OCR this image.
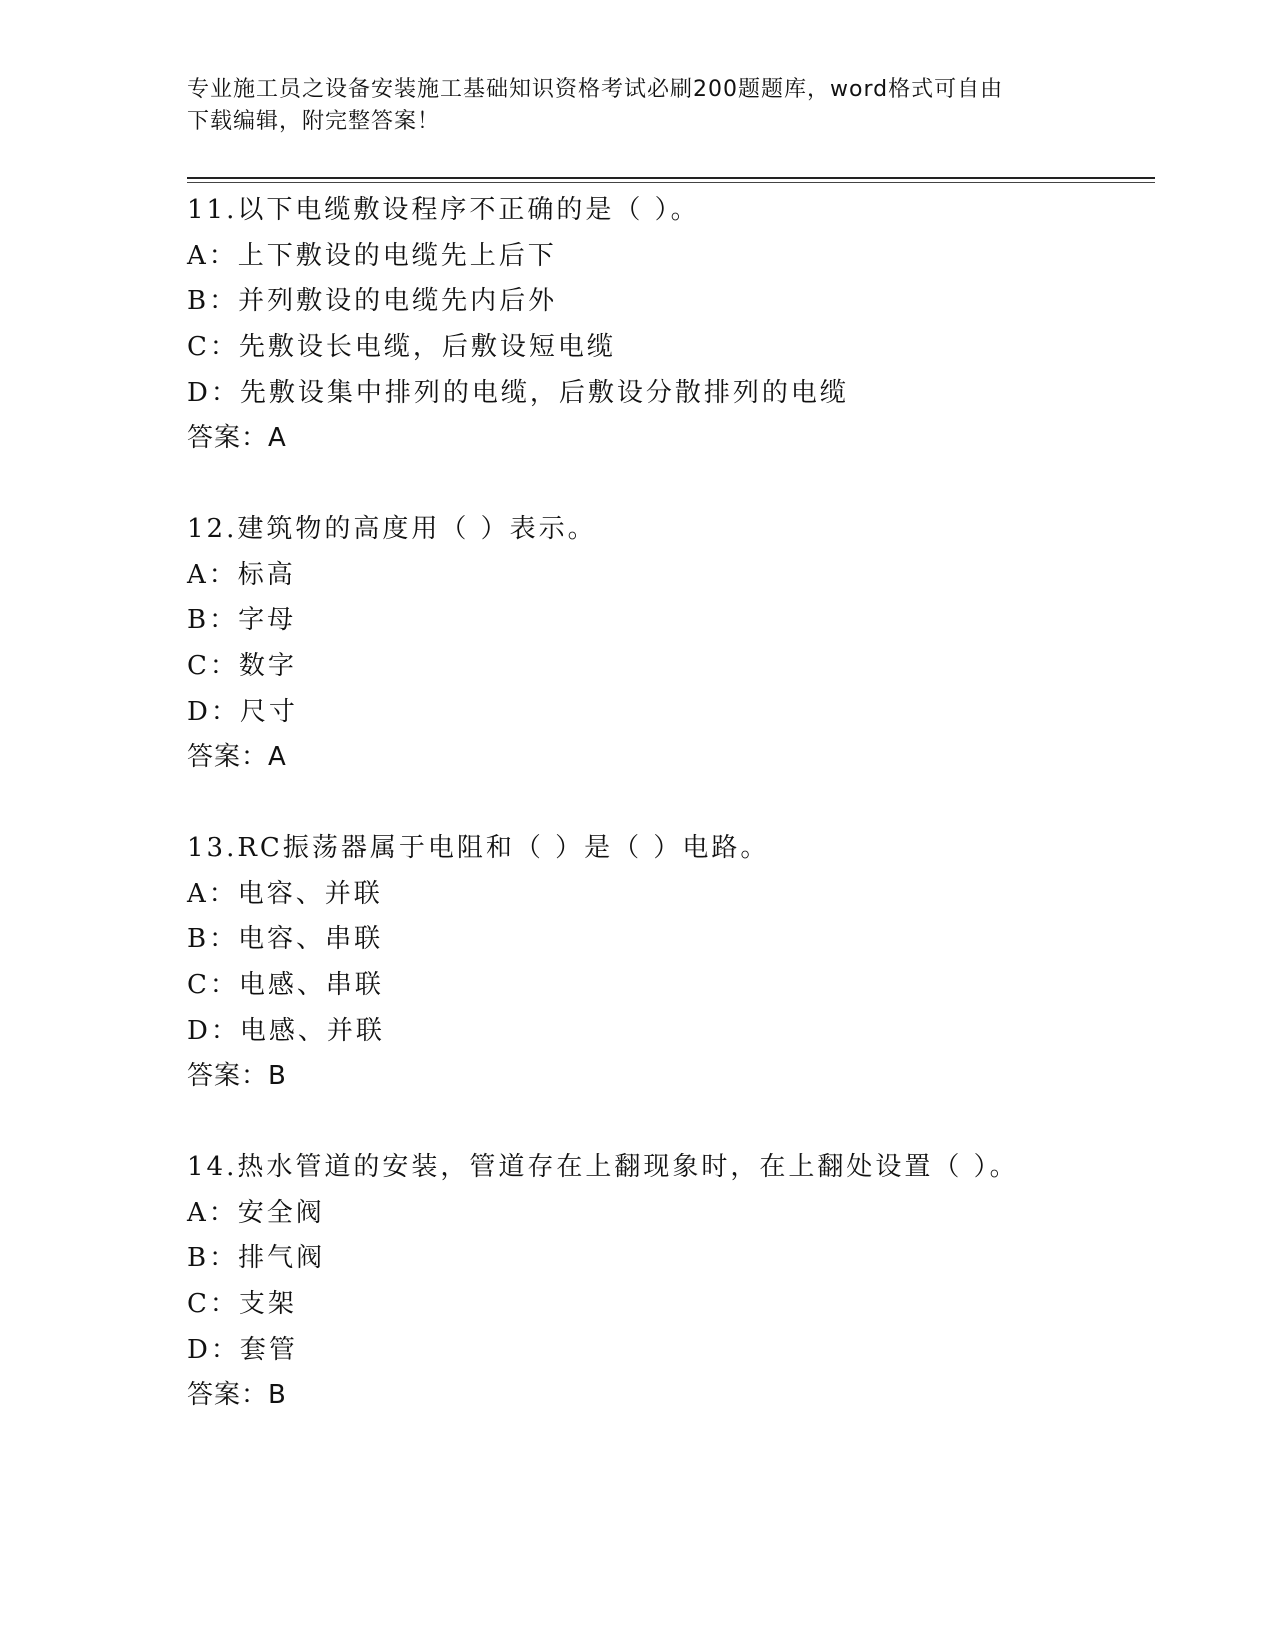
专业施工员之设备安装施工基础知识资格考试必刷200题题库，word格式可自由
下载编辑，附完整答案！
11.以下电缆敷设程序不正确的是（ ）。
A：上下敷设的电缆先上后下
B：并列敷设的电缆先内后外
C：先敷设长电缆，后敷设短电缆
D：先敷设集中排列的电缆，后敷设分散排列的电缆
答案：A
12.建筑物的高度用（ ）表示。
A：标高
B：字母
C：数字
D：尺寸
答案：A
13.RC振荡器属于电阻和（ ）是（ ）电路。
A：电容、并联
B：电容、串联
C：电感、串联
D：电感、并联
答案：B
14.热水管道的安装，管道存在上翻现象时，在上翻处设置（ ）。
A：安全阀
B：排气阀
C：支架
D：套管
答案：B
